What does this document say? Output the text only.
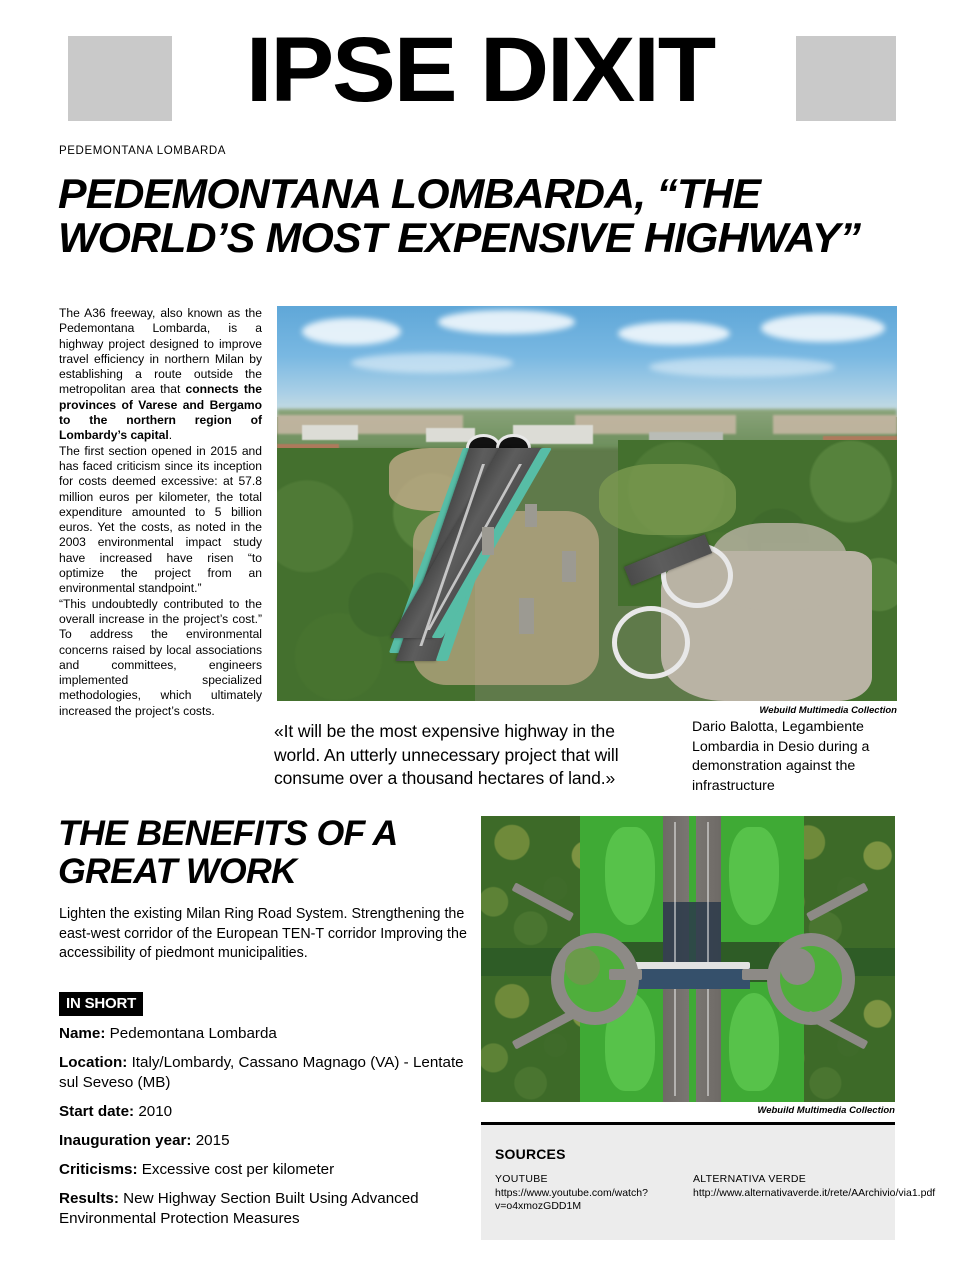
IPSE DIXIT
PEDEMONTANA LOMBARDA
PEDEMONTANA LOMBARDA, “THE WORLD’S MOST EXPENSIVE HIGHWAY”

The A36 freeway, also known as the Pedemontana Lombarda, is a highway project designed to improve travel efficiency in northern Milan by establishing a route outside the metropolitan area that connects the provinces of Varese and Bergamo to the northern region of Lombardy’s capital.

The first section opened in 2015 and has faced criticism since its inception for costs deemed excessive: at 57.8 million euros per kilometer, the total expenditure amounted to 5 billion euros. Yet the costs, as noted in the 2003 environmental impact study have increased have risen “to optimize the project from an environmental standpoint.”

“This undoubtedly contributed to the overall increase in the project’s cost.” To address the environmental concerns raised by local associations and committees, engineers implemented specialized methodologies, which ultimately increased the project’s costs.	Webuild Multimedia Collection
«It will be the most expensive highway in the world. An utterly unnecessary project that will consume over a thousand hectares of land.»
Dario Balotta, Legambiente Lombardia in Desio during a demonstration against the infrastructure
THE BENEFITS OF A GREAT WORK
Lighten the existing Milan Ring Road System. Strengthening the east-west corridor of the European TEN-T corridor Improving the accessibility of piedmont municipalities.
IN SHORT
Name: Pedemontana Lombarda
Location: Italy/Lombardy, Cassano Magnago (VA) - Lentate sul Seveso (MB)
Start date: 2010
Inauguration year: 2015
Criticisms: Excessive cost per kilometer
Results: New Highway Section Built Using Advanced Environmental Protection Measures
Webuild Multimedia Collection
SOURCES
YOUTUBE
https://www.youtube.com/watch?v=o4xmozGDD1M
ALTERNATIVA VERDE
http://www.alternativaverde.it/rete/AArchivio/via1.pdf
